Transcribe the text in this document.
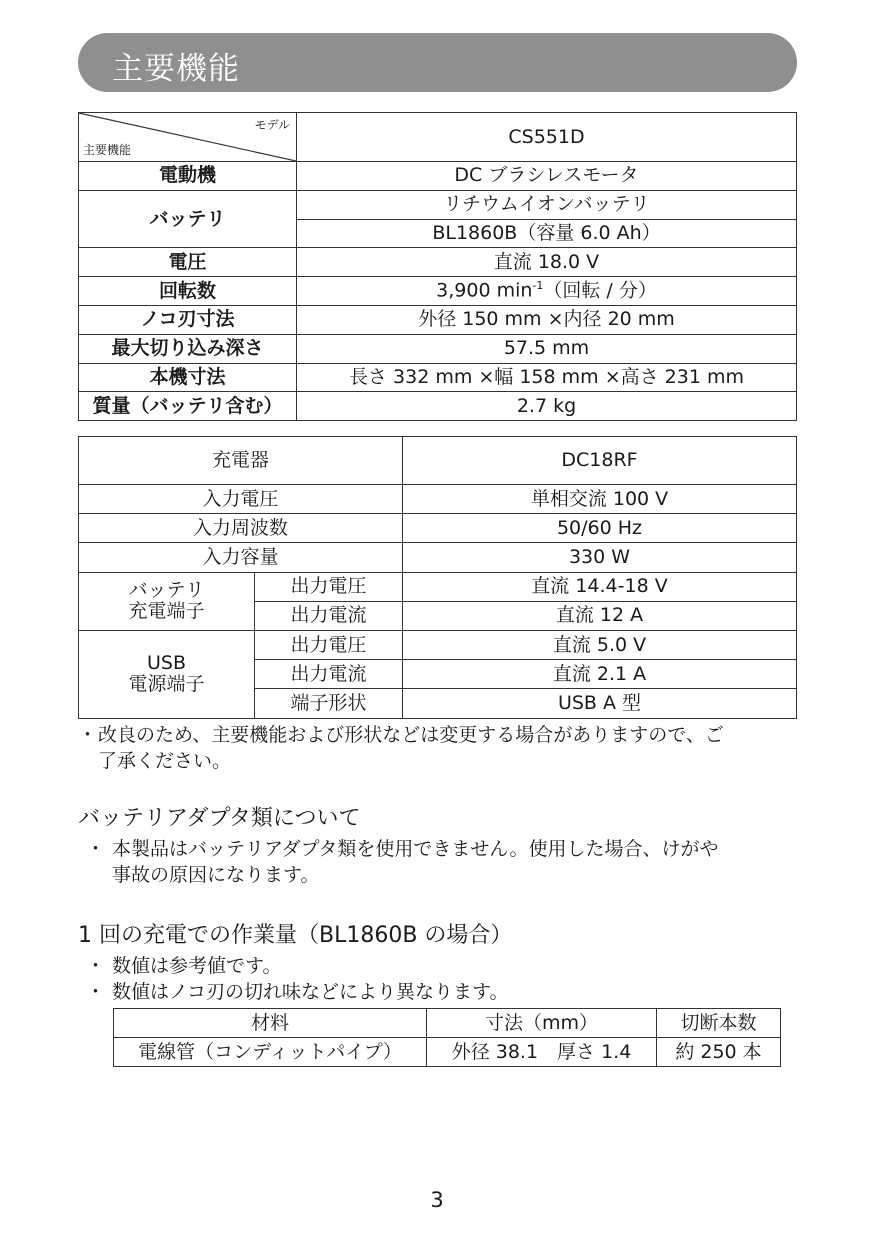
主要機能
モデル
主要機能	CS551D
電動機	DC ブラシレスモータ
バッテリ	リチウムイオンバッテリ
	BL1860B（容量 6.0 Ah）
電圧	直流 18.0 V
回転数	3,900 $\min^{-1}$（回転 / 分）
ノコ刃寸法	外径 150 mm ×内径 20 mm
最大切り込み深さ	57.5 mm
本機寸法	長さ 332 mm ×幅 158 mm ×高さ 231 mm
質量（バッテリ含む）	2.7 kg
充電器		DC18RF
入力電圧		単相交流 100 V
入力周波数		50/60 Hz
入力容量		330 W

バッテリ
充電端子	出力電圧	直流 14.4-18 V
	出力電流	直流 12 A

USB
電源端子	出力電圧	直流 5.0 V
	出力電流	直流 2.1 A
	端子形状	USB A 型
・ 改良のため、主要機能および形状などは変更する場合がありますので、ご
了承ください。
バッテリアダプタ類について
・ 本製品はバッテリアダプタ類を使用できません。使用した場合、けがや
事故の原因になります。
1 回の充電での作業量（BL1860B の場合）
・ 数値は参考値です。
・ 数値はノコ刃の切れ味などにより異なります。
材料	寸法（mm）	切断本数
電線管（コンディットパイプ）	外径 38.1　厚さ 1.4	約 250 本
3
